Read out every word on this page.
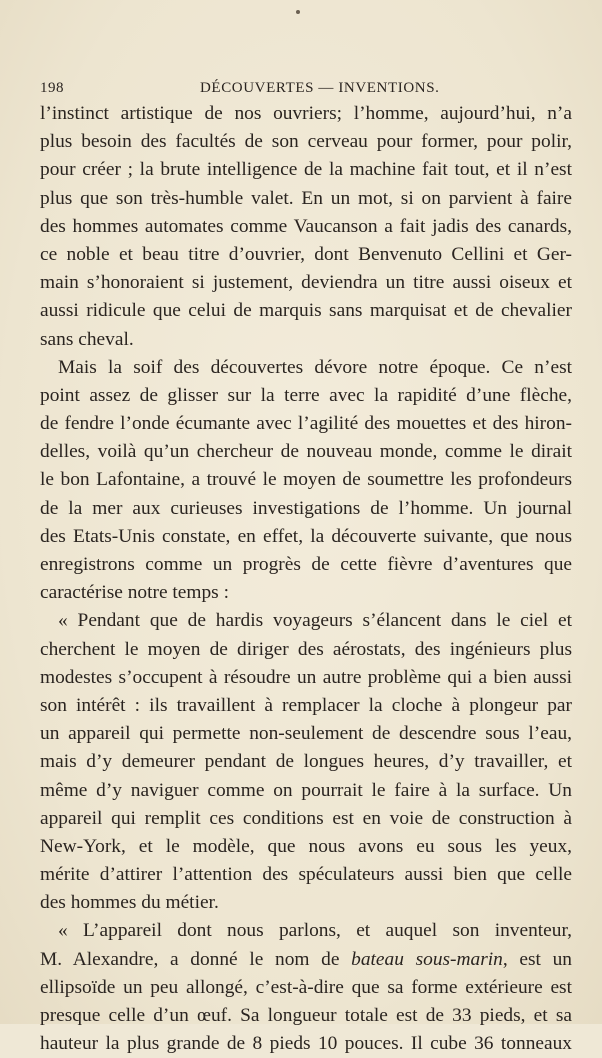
198	DÉCOUVERTES — INVENTIONS.
l’instinct artistique de nos ouvriers; l’homme, aujourd’hui, n’a
plus besoin des facultés de son cerveau pour former, pour polir,
pour créer ; la brute intelligence de la machine fait tout, et il n’est
plus que son très-humble valet. En un mot, si on parvient à faire
des hommes automates comme Vaucanson a fait jadis des canards,
ce noble et beau titre d’ouvrier, dont Benvenuto Cellini et Ger-
main s’honoraient si justement, deviendra un titre aussi oiseux et
aussi ridicule que celui de marquis sans marquisat et de chevalier
sans cheval.
Mais la soif des découvertes dévore notre époque. Ce n’est
point assez de glisser sur la terre avec la rapidité d’une flèche,
de fendre l’onde écumante avec l’agilité des mouettes et des hiron-
delles, voilà qu’un chercheur de nouveau monde, comme le dirait
le bon Lafontaine, a trouvé le moyen de soumettre les profondeurs
de la mer aux curieuses investigations de l’homme. Un journal
des Etats-Unis constate, en effet, la découverte suivante, que nous
enregistrons comme un progrès de cette fièvre d’aventures que
caractérise notre temps :
« Pendant que de hardis voyageurs s’élancent dans le ciel et
cherchent le moyen de diriger des aérostats, des ingénieurs plus
modestes s’occupent à résoudre un autre problème qui a bien aussi
son intérêt : ils travaillent à remplacer la cloche à plongeur par
un appareil qui permette non-seulement de descendre sous l’eau,
mais d’y demeurer pendant de longues heures, d’y travailler, et
même d’y naviguer comme on pourrait le faire à la surface. Un
appareil qui remplit ces conditions est en voie de construction à
New-York, et le modèle, que nous avons eu sous les yeux,
mérite d’attirer l’attention des spéculateurs aussi bien que celle
des hommes du métier.
« L’appareil dont nous parlons, et auquel son inventeur,
M. Alexandre, a donné le nom de bateau sous-marin, est un
ellipsoïde un peu allongé, c’est-à-dire que sa forme extérieure est
presque celle d’un œuf. Sa longueur totale est de 33 pieds, et sa
hauteur la plus grande de 8 pieds 10 pouces. Il cube 36 tonneaux
